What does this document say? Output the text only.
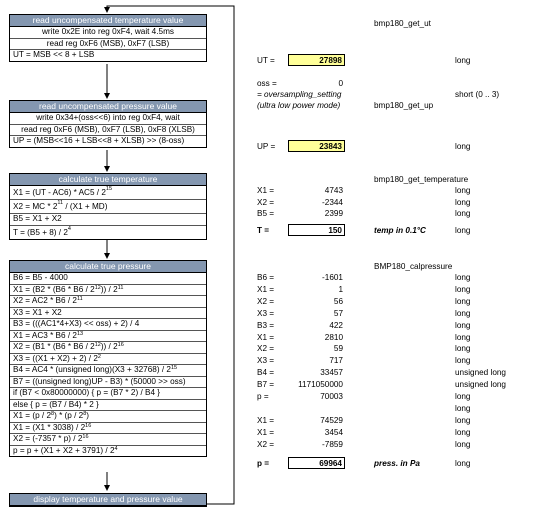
read uncompensated temperature value
write 0x2E into reg 0xF4, wait 4.5ms
read reg 0xF6 (MSB), 0xF7 (LSB)
UT = MSB << 8 + LSB
read uncompensated pressure value
write 0x34+(oss<<6) into reg 0xF4, wait
read reg 0xF6 (MSB), 0xF7 (LSB), 0xF8 (XLSB)
UP = (MSB<<16 + LSB<<8 + XLSB) >> (8-oss)
calculate true temperature
$X1 = (UT - AC6) * AC5 / 2^{15}$
X2 = MC * $2^{11} / (X1 + MD)$
B5 = X1 + X2
$T = (B5 + 8) / 2^4$
calculate true pressure
B6 = B5 - 4000
$X1 = (B2 * (B6 * B6 / 2^{12})) / 2^{11}$
$X2 = AC2 * B6 / 2^{11}$
X3 = X1 + X2
B3 = (((AC1*4+X3) << oss) + 2) / 4
$X1 = AC3 * B6 / 2^{13}$
$X2 = (B1 * (B6 * B6 / 2^{12})) / 2^{16}$
$X3 = ((X1 + X2) + 2) / 2^2$
B4 = AC4 * (unsigned long)(X3 + $32768) / 2^{15}$
B7 = ((unsigned long)UP - B3) * (50000 >> oss)
if (B7 < 0x80000000) { p = (B7 * 2) / B4 }
else { p = (B7 / B4) * 2 }
$X1 = (p / 2^8) * (p / 2^8)$
$X1 = (X1 * 3038) / 2^{16}$
$X2 = (-7357 * p) / 2^{16}$
$p = p + (X1 + X2 + 3791) / 2^4$
display temperature and pressure value
bmp180_get_ut
UT =	27898	long
oss =	0
= oversampling_setting	short (0 .. 3)
(ultra low power mode)	bmp180_get_up
UP =	23843	long
bmp180_get_temperature
X1 =	4743	long
X2 =	-2344	long
B5 =	2399	long
T =	150	temp in 0.1°C	long
BMP180_calpressure
B6 =	-1601	long
X1 =	1	long
X2 =	56	long
X3 =	57	long
B3 =	422	long
X1 =	2810	long
X2 =	59	long
X3 =	717	long
B4 =	33457	unsigned long
B7 =	1171050000	unsigned long
p =	70003	long
long
X1 =	74529	long
X1 =	3454	long
X2 =	-7859	long
p =	69964	press. in Pa	long
